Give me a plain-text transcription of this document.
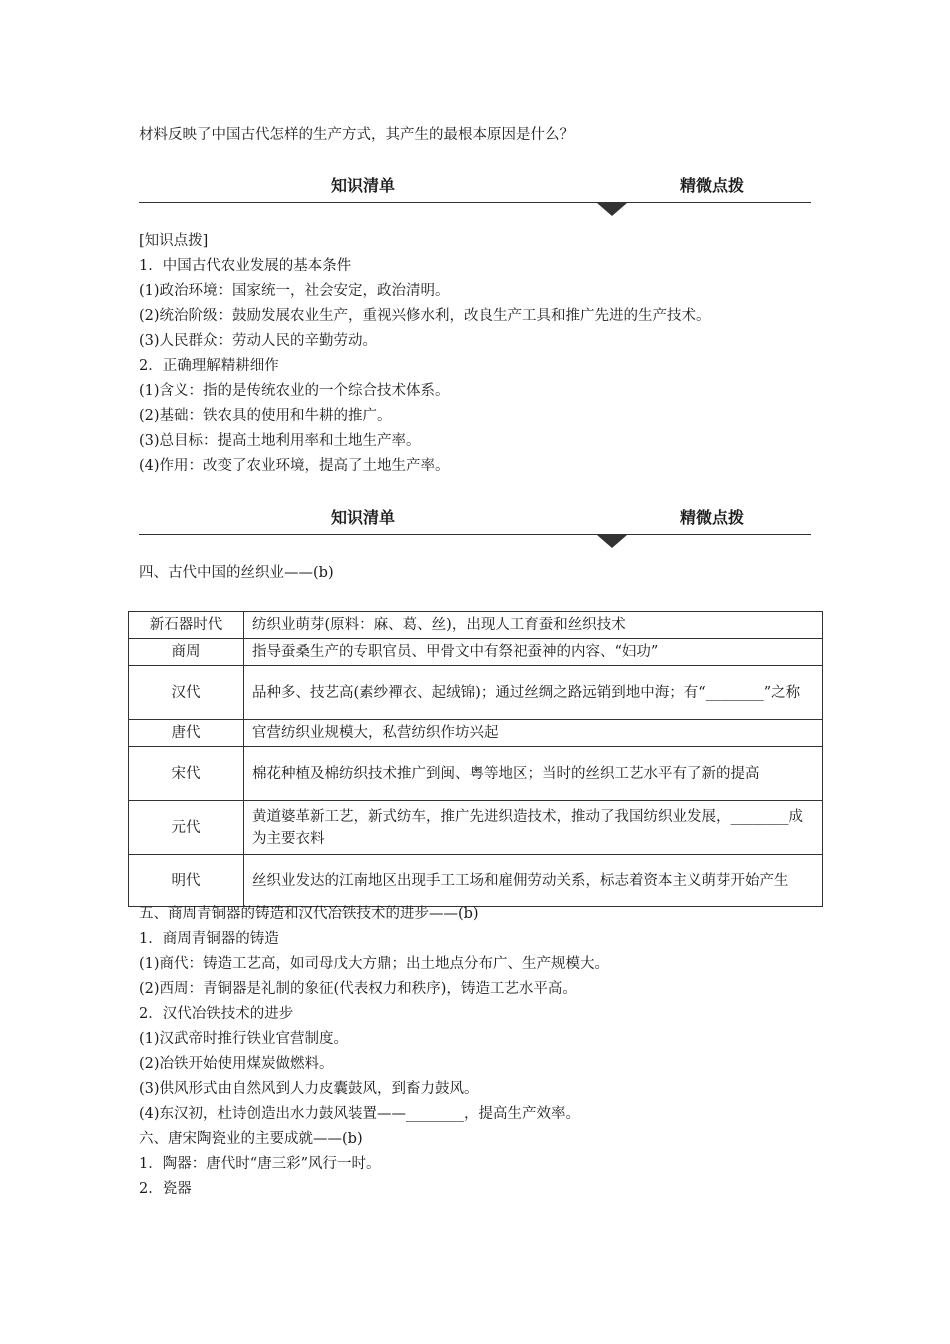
材料反映了中国古代怎样的生产方式，其产生的最根本原因是什么？
知识清单	精微点拨
[知识点拨]
1．中国古代农业发展的基本条件
(1)政治环境：国家统一，社会安定，政治清明。
(2)统治阶级：鼓励发展农业生产，重视兴修水利，改良生产工具和推广先进的生产技术。
(3)人民群众：劳动人民的辛勤劳动。
2．正确理解精耕细作
(1)含义：指的是传统农业的一个综合技术体系。
(2)基础：铁农具的使用和牛耕的推广。
(3)总目标：提高土地利用率和土地生产率。
(4)作用：改变了农业环境，提高了土地生产率。
知识清单	精微点拨
四、古代中国的丝织业——(b)
新石器时代	纺织业萌芽(原料：麻、葛、丝)，出现人工育蚕和丝织技术
商周	指导蚕桑生产的专职官员、甲骨文中有祭祀蚕神的内容、“妇功”
汉代	品种多、技艺高(素纱襌衣、起绒锦)；通过丝绸之路远销到地中海；有“________”之称
唐代	官营纺织业规模大，私营纺织作坊兴起
宋代	棉花种植及棉纺织技术推广到闽、粤等地区；当时的丝织工艺水平有了新的提高
元代	黄道婆革新工艺，新式纺车，推广先进织造技术，推动了我国纺织业发展，________成为主要衣料
明代	丝织业发达的江南地区出现手工工场和雇佣劳动关系，标志着资本主义萌芽开始产生
五、商周青铜器的铸造和汉代冶铁技术的进步——(b)
1．商周青铜器的铸造
(1)商代：铸造工艺高，如司母戊大方鼎；出土地点分布广、生产规模大。
(2)西周：青铜器是礼制的象征(代表权力和秩序)，铸造工艺水平高。
2．汉代冶铁技术的进步
(1)汉武帝时推行铁业官营制度。
(2)冶铁开始使用煤炭做燃料。
(3)供风形式由自然风到人力皮囊鼓风，到畜力鼓风。
(4)东汉初，杜诗创造出水力鼓风装置——________，提高生产效率。
六、唐宋陶瓷业的主要成就——(b)
1．陶器：唐代时“唐三彩”风行一时。
2．瓷器
